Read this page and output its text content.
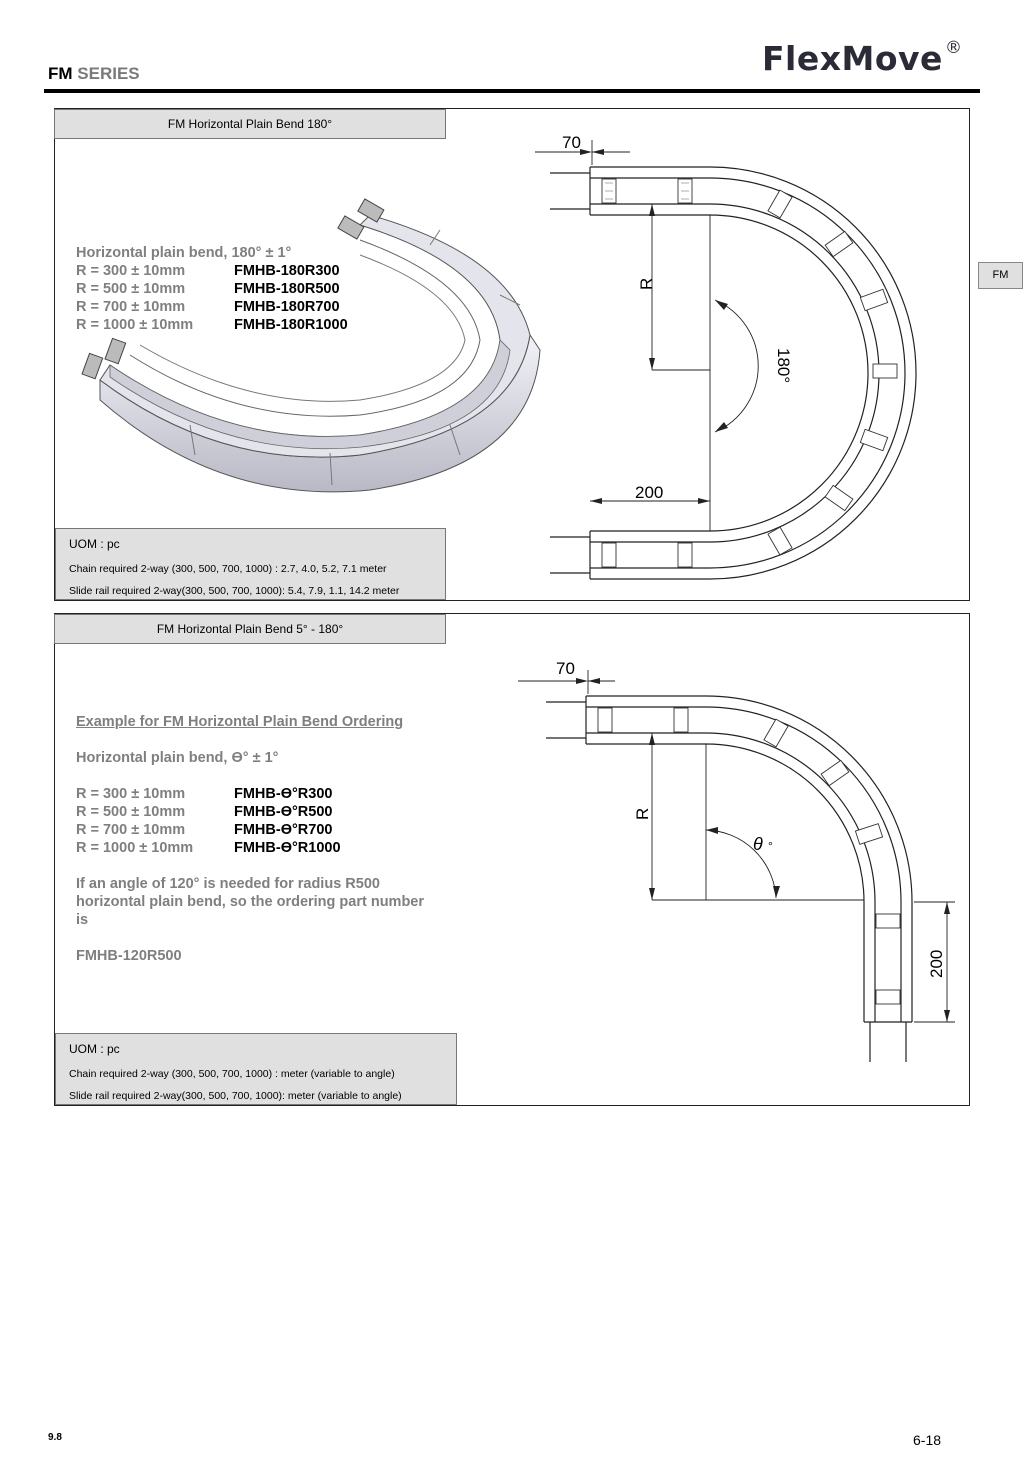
FM SERIES	FlexMove ®
FM
FM Horizontal Plain Bend 180°
Horizontal plain bend, 180° ± 1°
R = 300 ± 10mm	FMHB-180R300
R = 500 ± 10mm	FMHB-180R500
R = 700 ± 10mm	FMHB-180R700
R = 1000 ± 10mm	FMHB-180R1000
UOM : pc
Chain required 2-way (300, 500, 700, 1000) : 2.7, 4.0, 5.2, 7.1 meter
Slide rail required 2-way(300, 500, 700, 1000): 5.4, 7.9, 1.1, 14.2 meter
70
200
R
180°
FM Horizontal Plain Bend 5° - 180°
Example for FM Horizontal Plain Bend Ordering
Horizontal plain bend, Ɵ° ± 1°
R = 300 ± 10mm	FMHB-Ɵ°R300
R = 500 ± 10mm	FMHB-Ɵ°R500
R = 700 ± 10mm	FMHB-Ɵ°R700
R = 1000 ± 10mm	FMHB-Ɵ°R1000
If an angle of 120° is needed for radius R500
horizontal plain bend, so the ordering part number
is
FMHB-120R500
UOM : pc
Chain required 2-way (300, 500, 700, 1000) : meter (variable to angle)
Slide rail required 2-way(300, 500, 700, 1000): meter (variable to angle)
70
200
R
θ °
9.8	6-18
